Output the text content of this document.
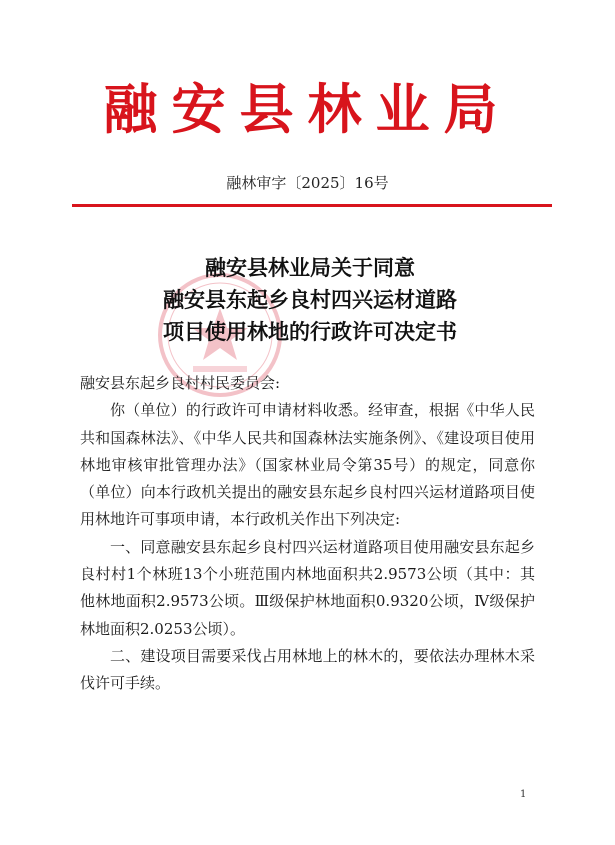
融安县林业局
融林审字〔2025〕16号
融安县林业局关于同意
融安县东起乡良村四兴运材道路
项目使用林地的行政许可决定书

融安县东起乡良村村民委员会:

你（单位）的行政许可申请材料收悉。经审查，根据《中华人民共和国森林法》、《中华人民共和国森林法实施条例》、《建设项目使用林地审核审批管理办法》（国家林业局令第35号）的规定，同意你（单位）向本行政机关提出的融安县东起乡良村四兴运材道路项目使用林地许可事项申请，本行政机关作出下列决定:

一、同意融安县东起乡良村四兴运材道路项目使用融安县东起乡良村村1个林班13个小班范围内林地面积共2.9573公顷（其中：其他林地面积2.9573公顷。Ⅲ级保护林地面积0.9320公顷，Ⅳ级保护林地面积2.0253公顷）。

二、建设项目需要采伐占用林地上的林木的，要依法办理林木采伐许可手续。

1
